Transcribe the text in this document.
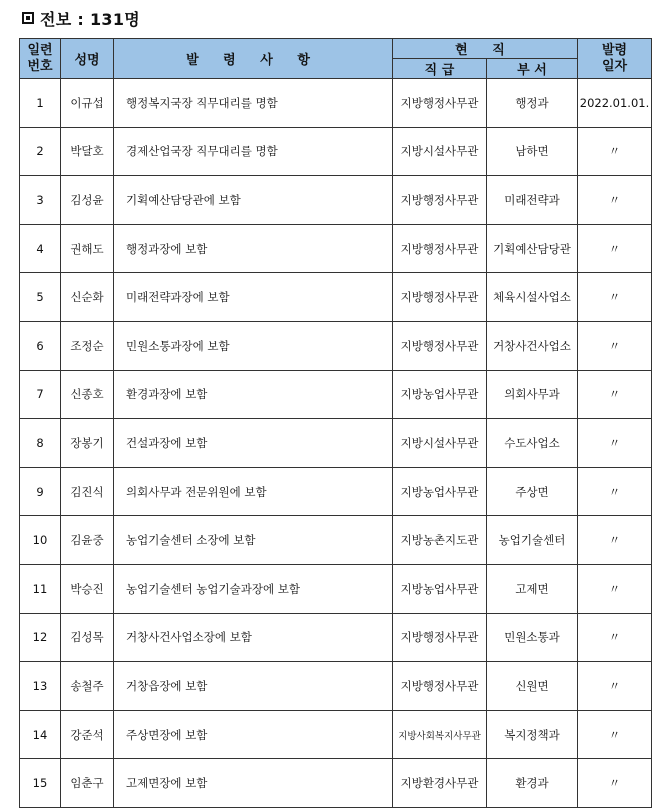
전보 : 131명
일련
번호	성명	발 령 사 항	현 직		발령
일자

			직 급	부 서	
1	이규섭	행정복지국장 직무대리를 명함	지방행정사무관	행정과	2022.01.01.
2	박달호	경제산업국장 직무대리를 명함	지방시설사무관	남하면	〃
3	김성윤	기획예산담당관에 보함	지방행정사무관	미래전략과	〃
4	권해도	행정과장에 보함	지방행정사무관	기획예산담당관	〃
5	신순화	미래전략과장에 보함	지방행정사무관	체육시설사업소	〃
6	조정순	민원소통과장에 보함	지방행정사무관	거창사건사업소	〃
7	신종호	환경과장에 보함	지방농업사무관	의회사무과	〃
8	장봉기	건설과장에 보함	지방시설사무관	수도사업소	〃
9	김진식	의회사무과 전문위원에 보함	지방농업사무관	주상면	〃
10	김윤중	농업기술센터 소장에 보함	지방농촌지도관	농업기술센터	〃
11	박승진	농업기술센터 농업기술과장에 보함	지방농업사무관	고제면	〃
12	김성목	거창사건사업소장에 보함	지방행정사무관	민원소통과	〃
13	송철주	거창읍장에 보함	지방행정사무관	신원면	〃
14	강준석	주상면장에 보함	지방사회복지사무관	복지정책과	〃
15	임춘구	고제면장에 보함	지방환경사무관	환경과	〃
